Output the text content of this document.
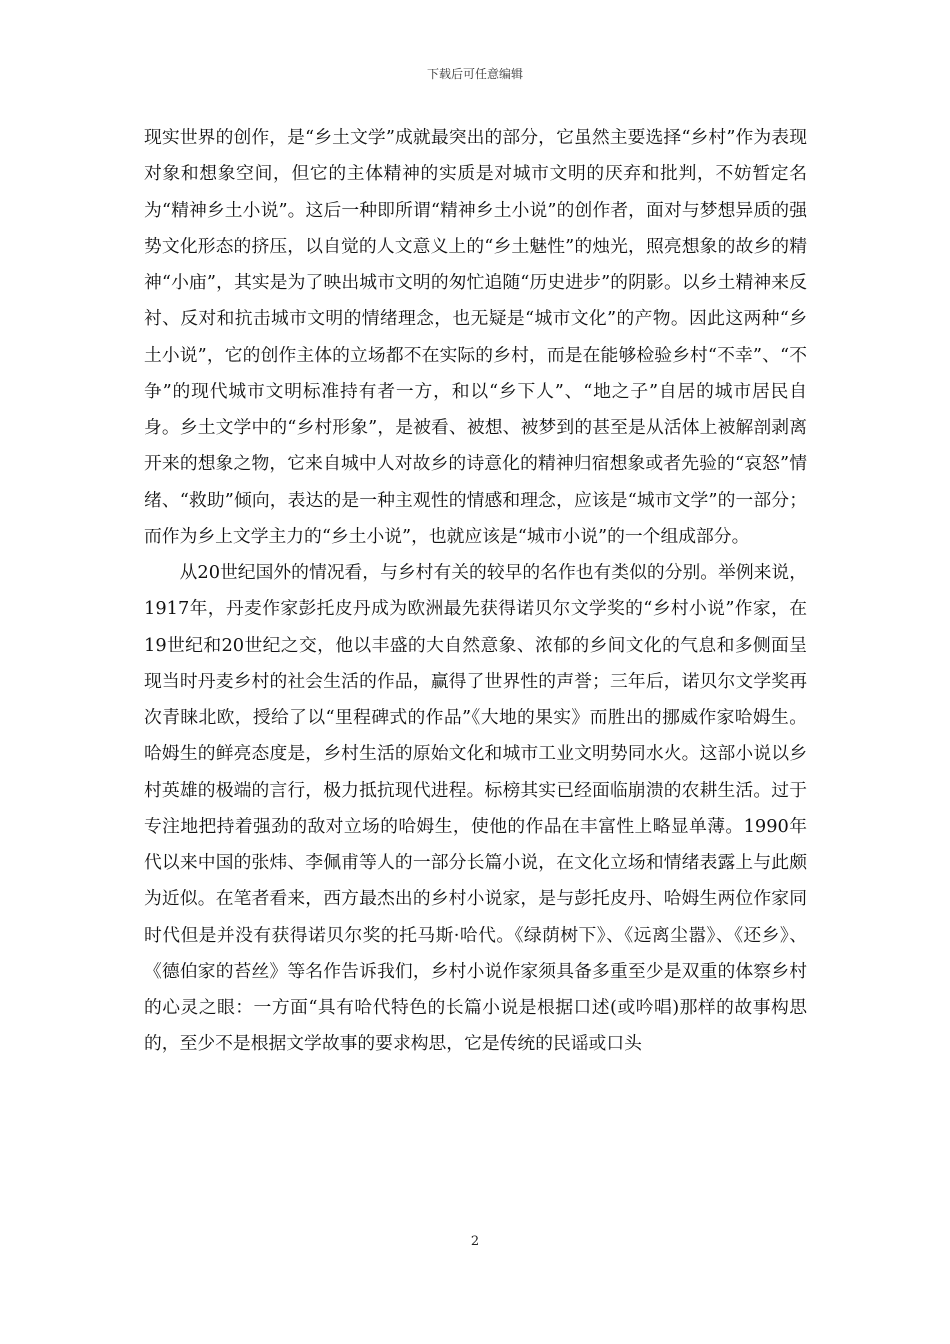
下载后可任意编辑

现实世界的创作，是“乡土文学”成就最突出的部分，它虽然主要选择“乡村”作为表现对象和想象空间，但它的主体精神的实质是对城市文明的厌弃和批判，不妨暂定名为“精神乡土小说”。这后一种即所谓“精神乡土小说”的创作者，面对与梦想异质的强势文化形态的挤压，以自觉的人文意义上的“乡土魅性”的烛光，照亮想象的故乡的精神“小庙”，其实是为了映出城市文明的匆忙追随“历史进步”的阴影。以乡土精神来反衬、反对和抗击城市文明的情绪理念，也无疑是“城市文化”的产物。因此这两种“乡土小说”，它的创作主体的立场都不在实际的乡村，而是在能够检验乡村“不幸”、“不争”的现代城市文明标准持有者一方，和以“乡下人”、“地之子”自居的城市居民自身。乡土文学中的“乡村形象”，是被看、被想、被梦到的甚至是从活体上被解剖剥离开来的想象之物，它来自城中人对故乡的诗意化的精神归宿想象或者先验的“哀怒”情绪、“救助”倾向，表达的是一种主观性的情感和理念，应该是“城市文学”的一部分；而作为乡上文学主力的“乡土小说”，也就应该是“城市小说”的一个组成部分。

从20世纪国外的情况看，与乡村有关的较早的名作也有类似的分别。举例来说，1917年，丹麦作家彭托皮丹成为欧洲最先获得诺贝尔文学奖的“乡村小说”作家，在19世纪和20世纪之交，他以丰盛的大自然意象、浓郁的乡间文化的气息和多侧面呈现当时丹麦乡村的社会生活的作品，赢得了世界性的声誉；三年后，诺贝尔文学奖再次青睐北欧，授给了以“里程碑式的作品”《大地的果实》而胜出的挪威作家哈姆生。哈姆生的鲜亮态度是，乡村生活的原始文化和城市工业文明势同水火。这部小说以乡村英雄的极端的言行，极力抵抗现代进程。标榜其实已经面临崩溃的农耕生活。过于专注地把持着强劲的敌对立场的哈姆生，使他的作品在丰富性上略显单薄。1990年代以来中国的张炜、李佩甫等人的一部分长篇小说，在文化立场和情绪表露上与此颇为近似。在笔者看来，西方最杰出的乡村小说家，是与彭托皮丹、哈姆生两位作家同时代但是并没有获得诺贝尔奖的托马斯·哈代。《绿荫树下》、《远离尘嚣》、《还乡》、《德伯家的苔丝》等名作告诉我们，乡村小说作家须具备多重至少是双重的体察乡村的心灵之眼：一方面“具有哈代特色的长篇小说是根据口述(或吟唱)那样的故事构思的，至少不是根据文学故事的要求构思，它是传统的民谣或口头

2
